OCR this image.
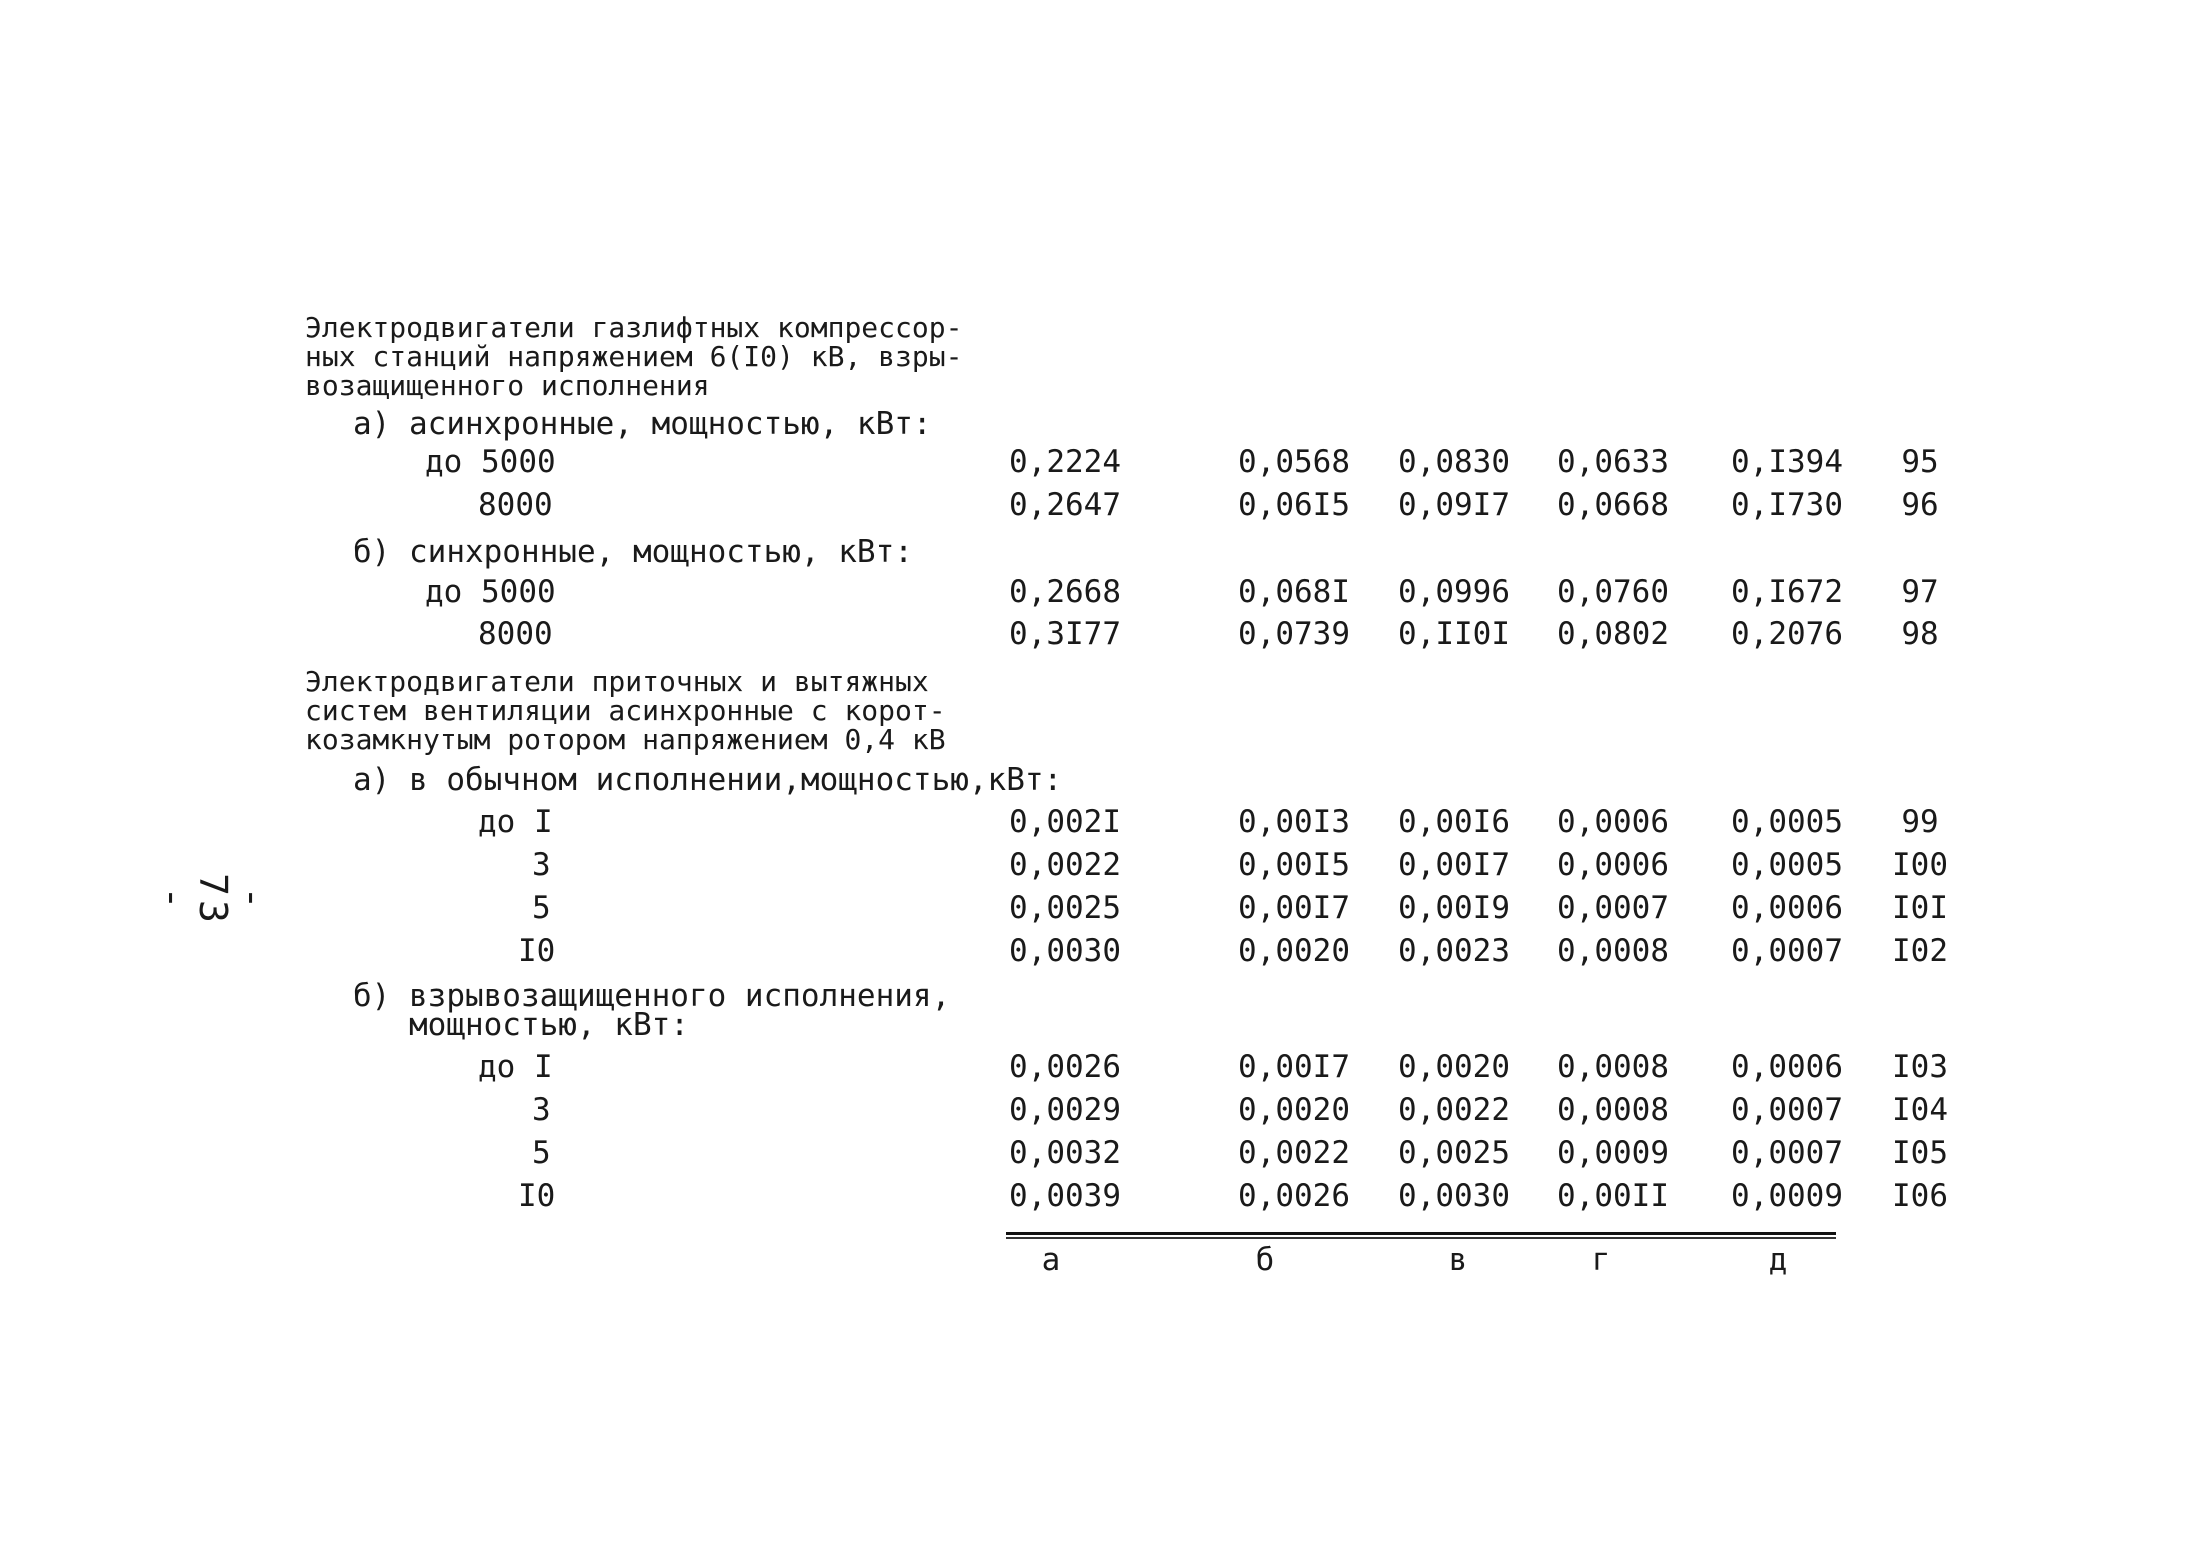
- 73 -
Электродвигатели газлифтных компрессор-
ных станций напряжением 6(I0) кВ, взры-
возащищенного исполнения
а) асинхронные, мощностью, кВт:
до 5000	0,2224	0,0568 0,0830 0,0633 0,I394	95
8000	0,2647	0,06I5 0,09I7 0,0668 0,I730	96
б) синхронные, мощностью, кВт:
до 5000	0,2668	0,068I 0,0996 0,0760 0,I672	97
8000	0,3I77	0,0739 0,II0I 0,0802 0,2076	98
Электродвигатели приточных и вытяжных
систем вентиляции асинхронные с корот-
козамкнутым ротором напряжением 0,4 кВ
а) в обычном исполнении,мощностью,кВт:
до I	0,002I	0,00I3 0,00I6 0,0006 0,0005	99
3	0,0022	0,00I5 0,00I7 0,0006 0,0005	I00
5	0,0025	0,00I7 0,00I9 0,0007 0,0006	I0I
I0	0,0030	0,0020 0,0023 0,0008 0,0007	I02
б) взрывозащищенного исполнения,
мощностью, кВт:
до I	0,0026	0,00I7 0,0020 0,0008 0,0006	I03
3	0,0029	0,0020 0,0022 0,0008 0,0007	I04
5	0,0032	0,0022 0,0025 0,0009 0,0007	I05
I0	0,0039	0,0026 0,0030 0,00II 0,0009	I06
а	б	в	г	д
